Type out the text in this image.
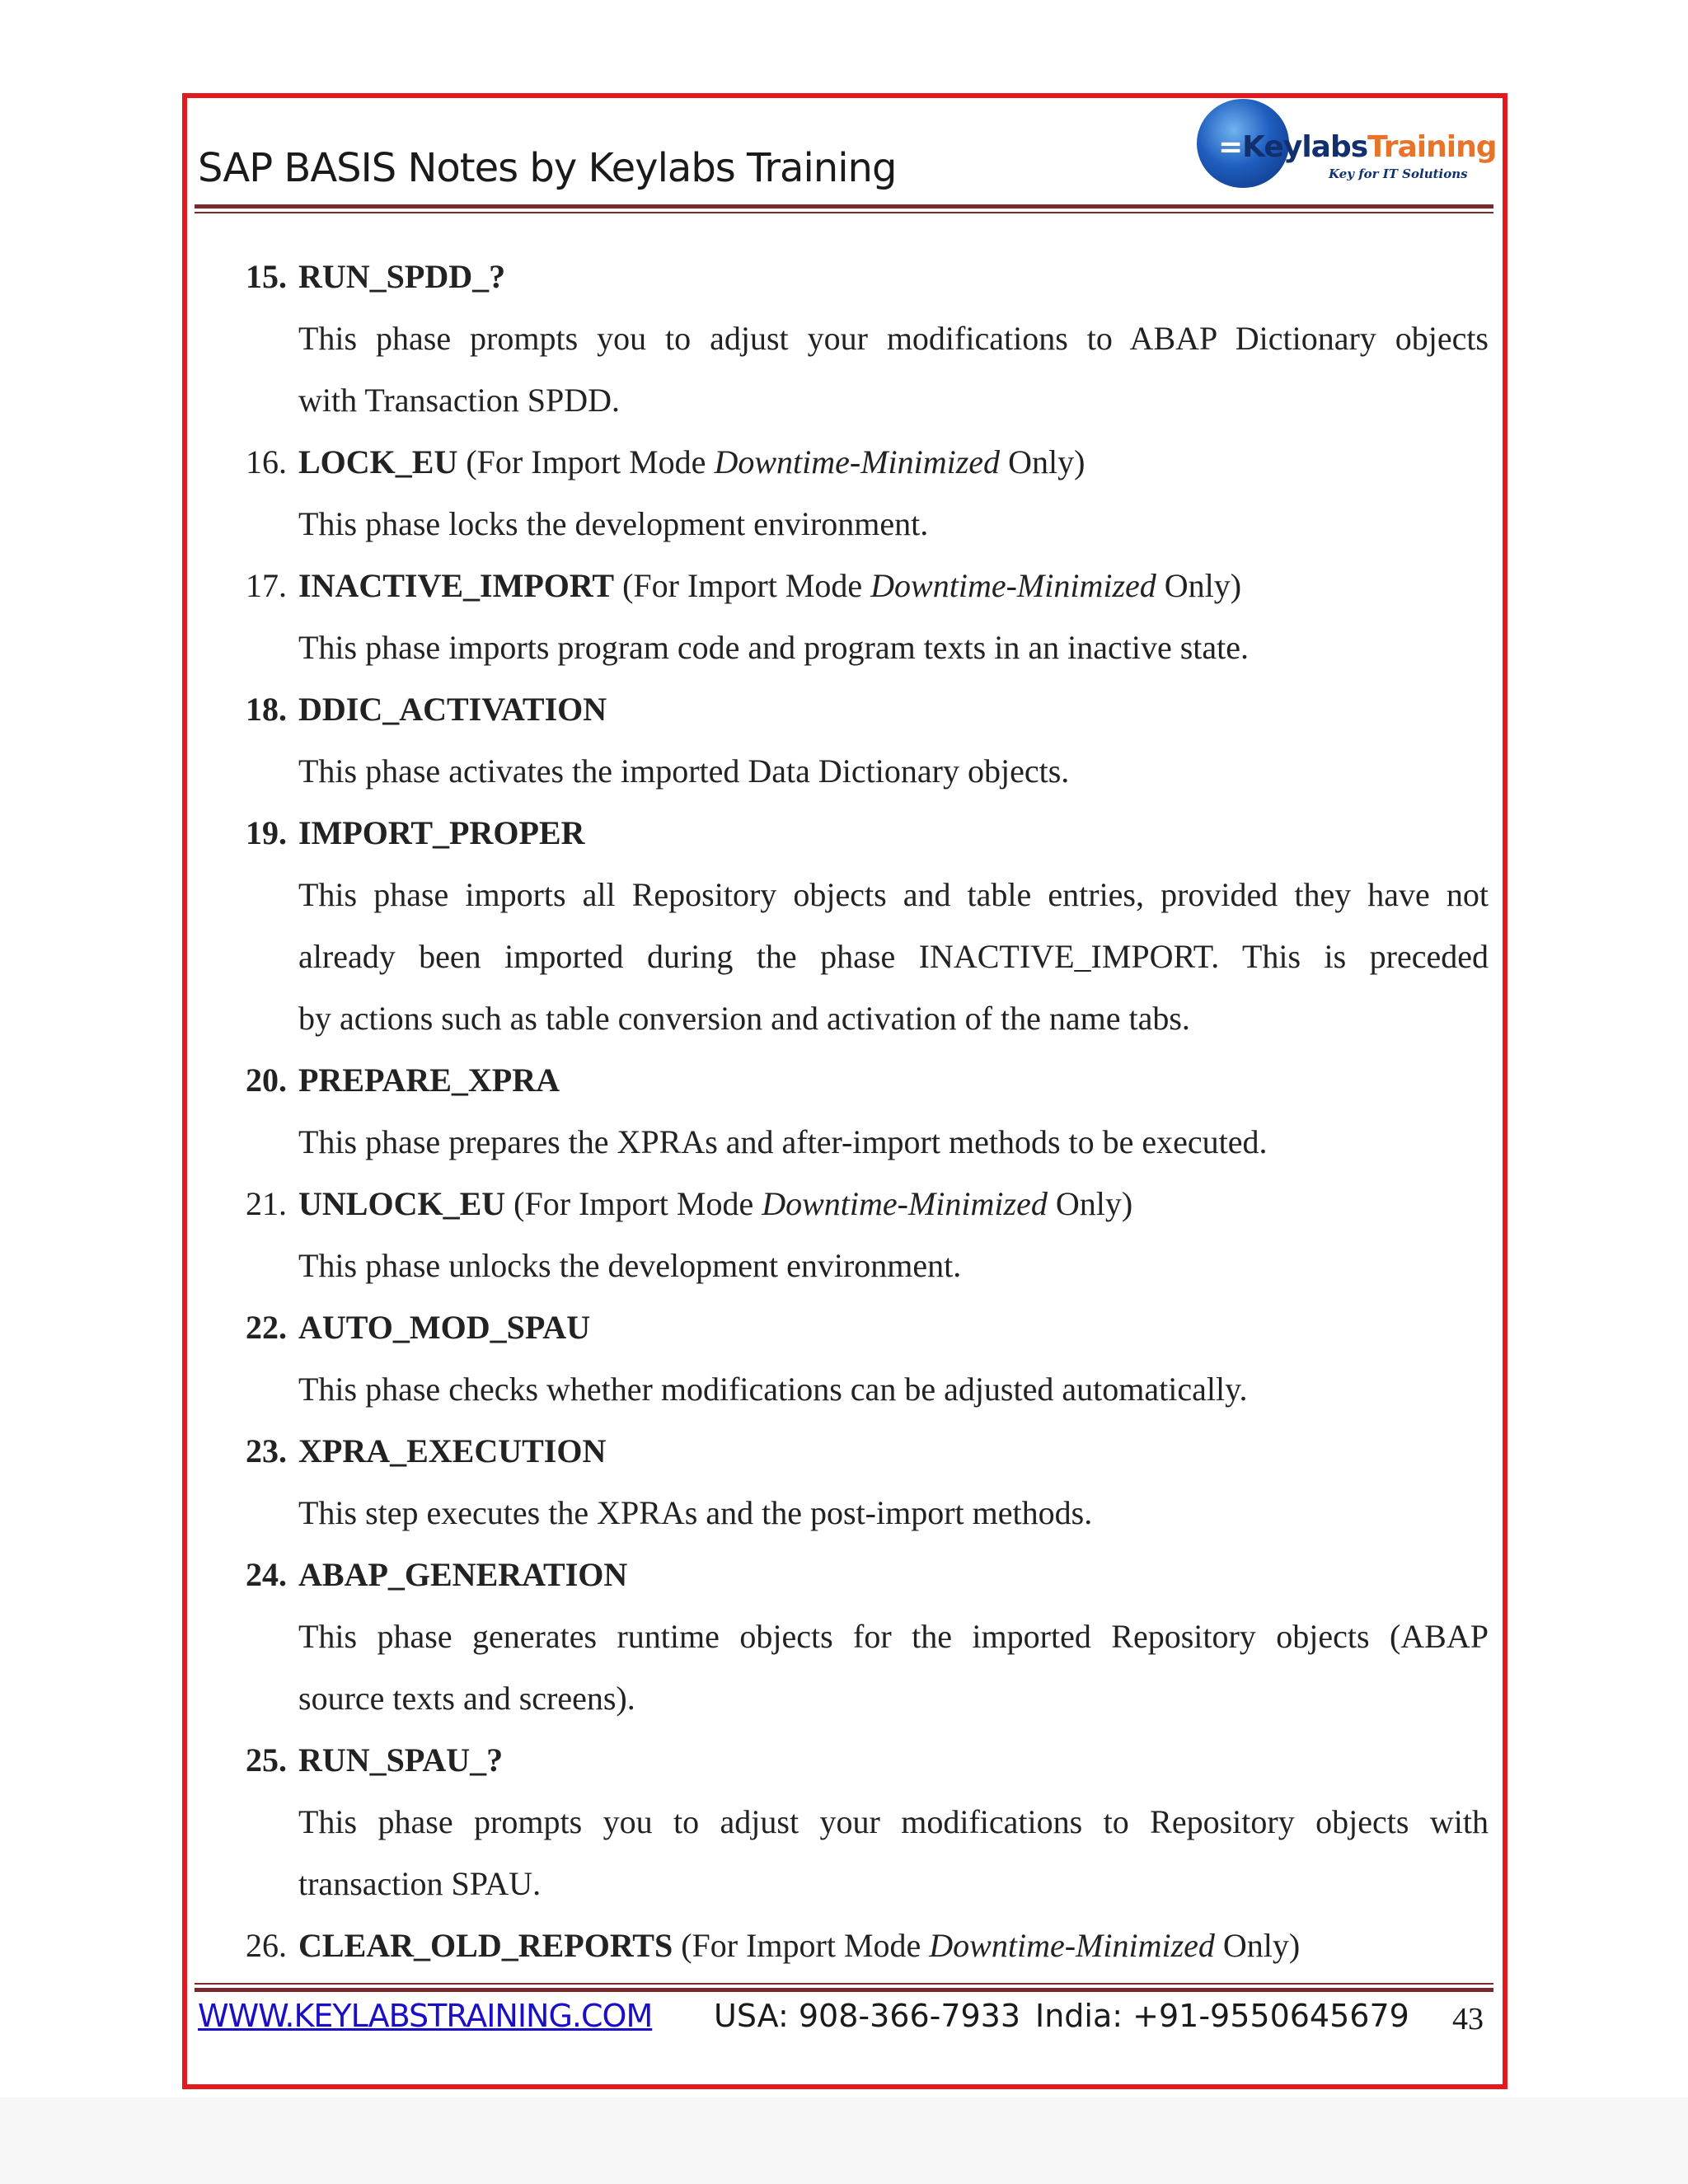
SAP BASIS Notes by Keylabs Training	=KeylabsTraining
Key for IT Solutions
15. RUN_SPDD_?
This phase prompts you to adjust your modifications to ABAP Dictionary objects
with Transaction SPDD.
16. LOCK_EU (For Import Mode Downtime-Minimized Only)
This phase locks the development environment.
17. INACTIVE_IMPORT (For Import Mode Downtime-Minimized Only)
This phase imports program code and program texts in an inactive state.
18. DDIC_ACTIVATION
This phase activates the imported Data Dictionary objects.
19. IMPORT_PROPER
This phase imports all Repository objects and table entries, provided they have not
already been imported during the phase INACTIVE_IMPORT. This is preceded
by actions such as table conversion and activation of the name tabs.
20. PREPARE_XPRA
This phase prepares the XPRAs and after-import methods to be executed.
21. UNLOCK_EU (For Import Mode Downtime-Minimized Only)
This phase unlocks the development environment.
22. AUTO_MOD_SPAU
This phase checks whether modifications can be adjusted automatically.
23. XPRA_EXECUTION
This step executes the XPRAs and the post-import methods.
24. ABAP_GENERATION
This phase generates runtime objects for the imported Repository objects (ABAP
source texts and screens).
25. RUN_SPAU_?
This phase prompts you to adjust your modifications to Repository objects with
transaction SPAU.
26. CLEAR_OLD_REPORTS (For Import Mode Downtime-Minimized Only)
WWW.KEYLABSTRAINING.COM USA: 908-366-7933 India: +91-9550645679 43
